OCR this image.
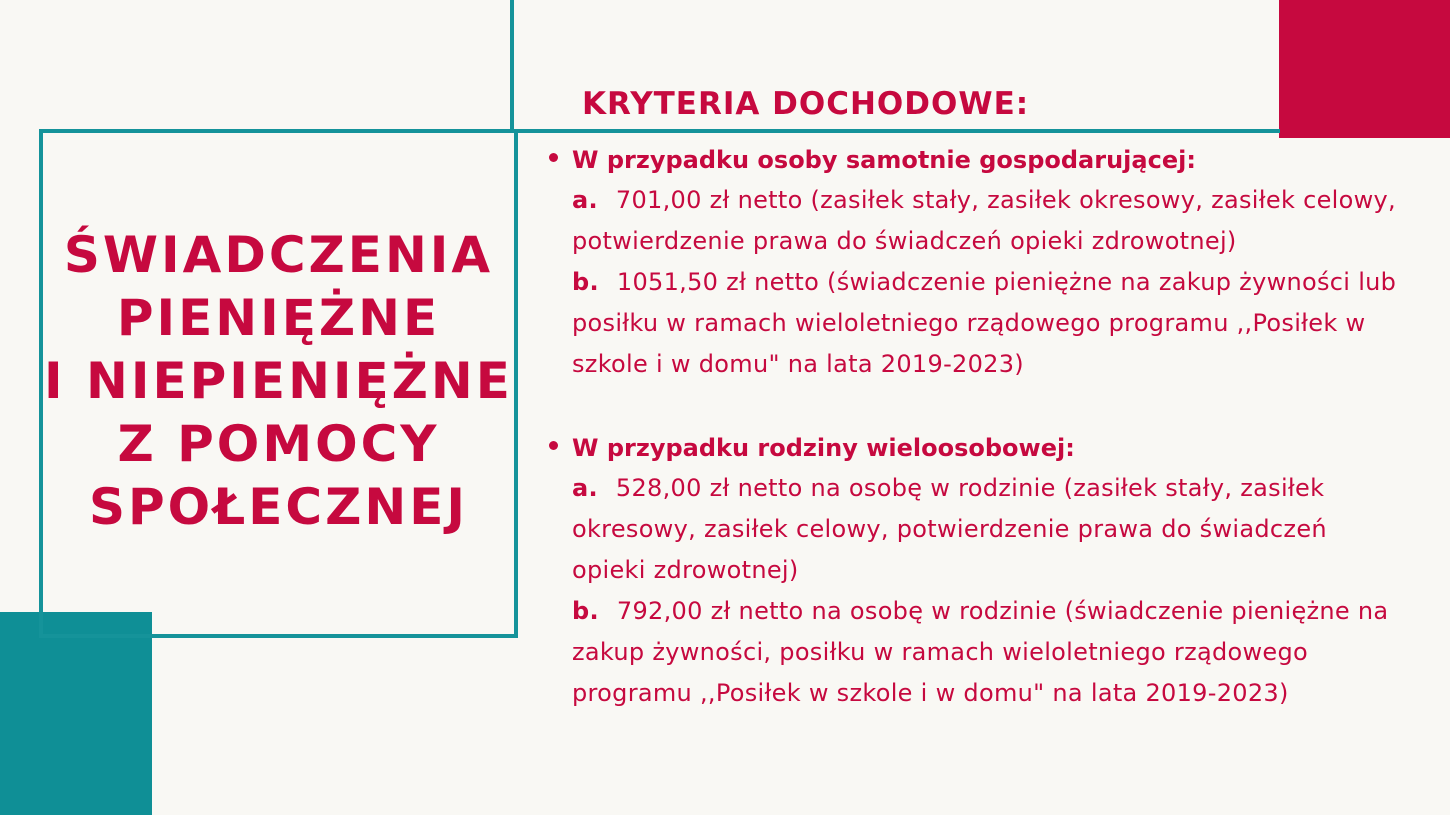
ŚWIADCZENIA
PIENIĘŻNE
I NIEPIENIĘŻNE
Z POMOCY
SPOŁECZNEJ
KRYTERIA DOCHODOWE:

W przypadku osoby samotnie gospodarującej:

a. 701,00 zł netto (zasiłek stały, zasiłek okresowy, zasiłek celowy, potwierdzenie prawa do świadczeń opieki zdrowotnej)

b. 1051,50 zł netto (świadczenie pieniężne na zakup żywności lub posiłku w ramach wieloletniego rządowego programu ,,Posiłek w szkole i w domu" na lata 2019-2023)

W przypadku rodziny wieloosobowej:

a. 528,00 zł netto na osobę w rodzinie (zasiłek stały, zasiłek okresowy, zasiłek celowy, potwierdzenie prawa do świadczeń opieki zdrowotnej)

b. 792,00 zł netto na osobę w rodzinie (świadczenie pieniężne na zakup żywności, posiłku w ramach wieloletniego rządowego programu ,,Posiłek w szkole i w domu" na lata 2019-2023)
